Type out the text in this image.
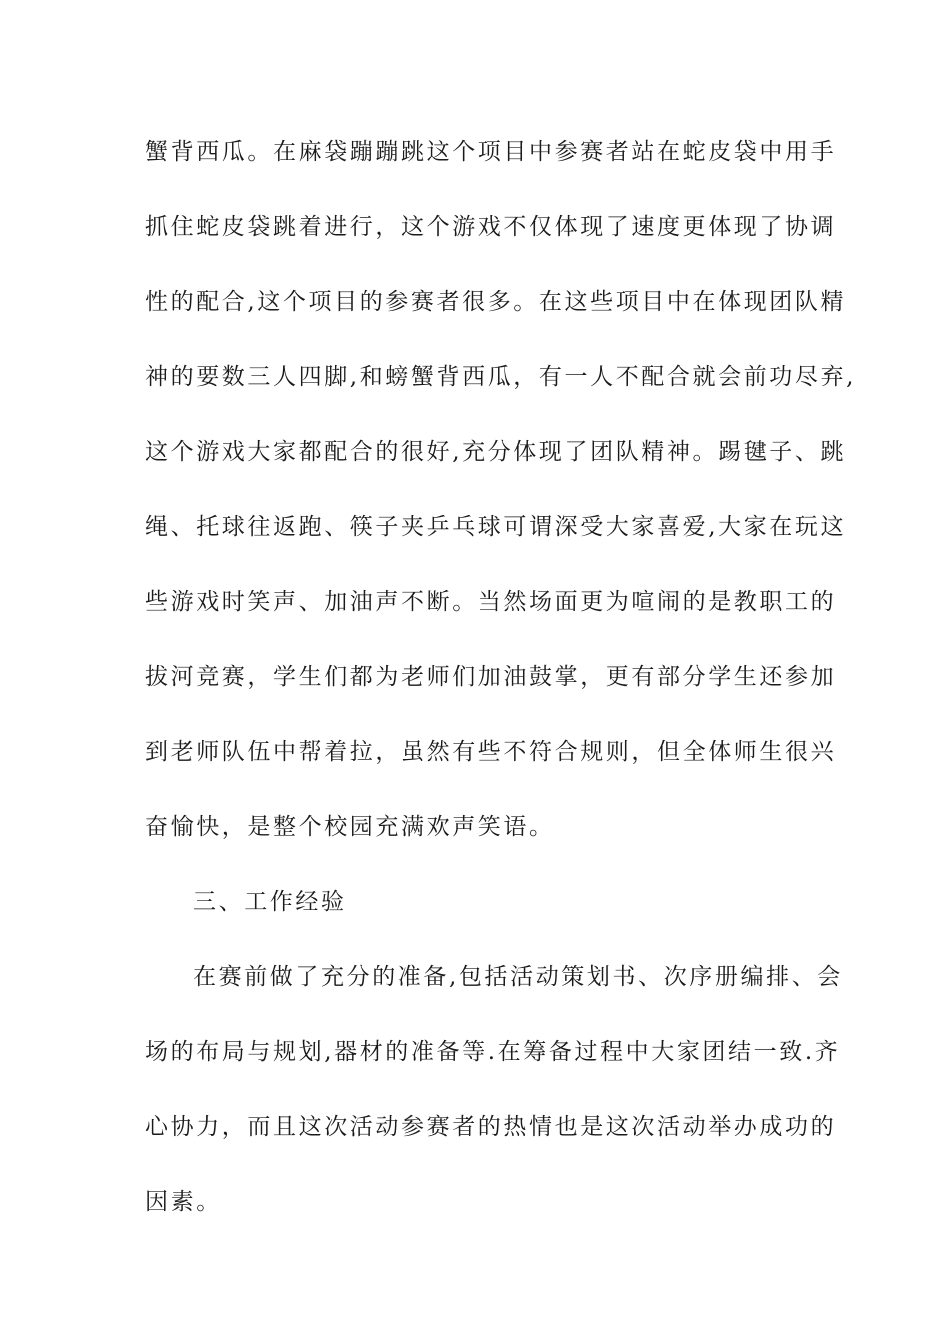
蟹背西瓜。在麻袋蹦蹦跳这个项目中参赛者站在蛇皮袋中用手
抓住蛇皮袋跳着进行，这个游戏不仅体现了速度更体现了协调
性的配合,这个项目的参赛者很多。在这些项目中在体现团队精
神的要数三人四脚,和螃蟹背西瓜，有一人不配合就会前功尽弃,
这个游戏大家都配合的很好,充分体现了团队精神。踢毽子、跳
绳、托球往返跑、筷子夹乒乓球可谓深受大家喜爱,大家在玩这
些游戏时笑声、加油声不断。当然场面更为喧闹的是教职工的
拔河竞赛，学生们都为老师们加油鼓掌，更有部分学生还参加
到老师队伍中帮着拉，虽然有些不符合规则，但全体师生很兴
奋愉快，是整个校园充满欢声笑语。
三、工作经验
在赛前做了充分的准备,包括活动策划书、次序册编排、会
场的布局与规划,器材的准备等.在筹备过程中大家团结一致.齐
心协力，而且这次活动参赛者的热情也是这次活动举办成功的
因素。
